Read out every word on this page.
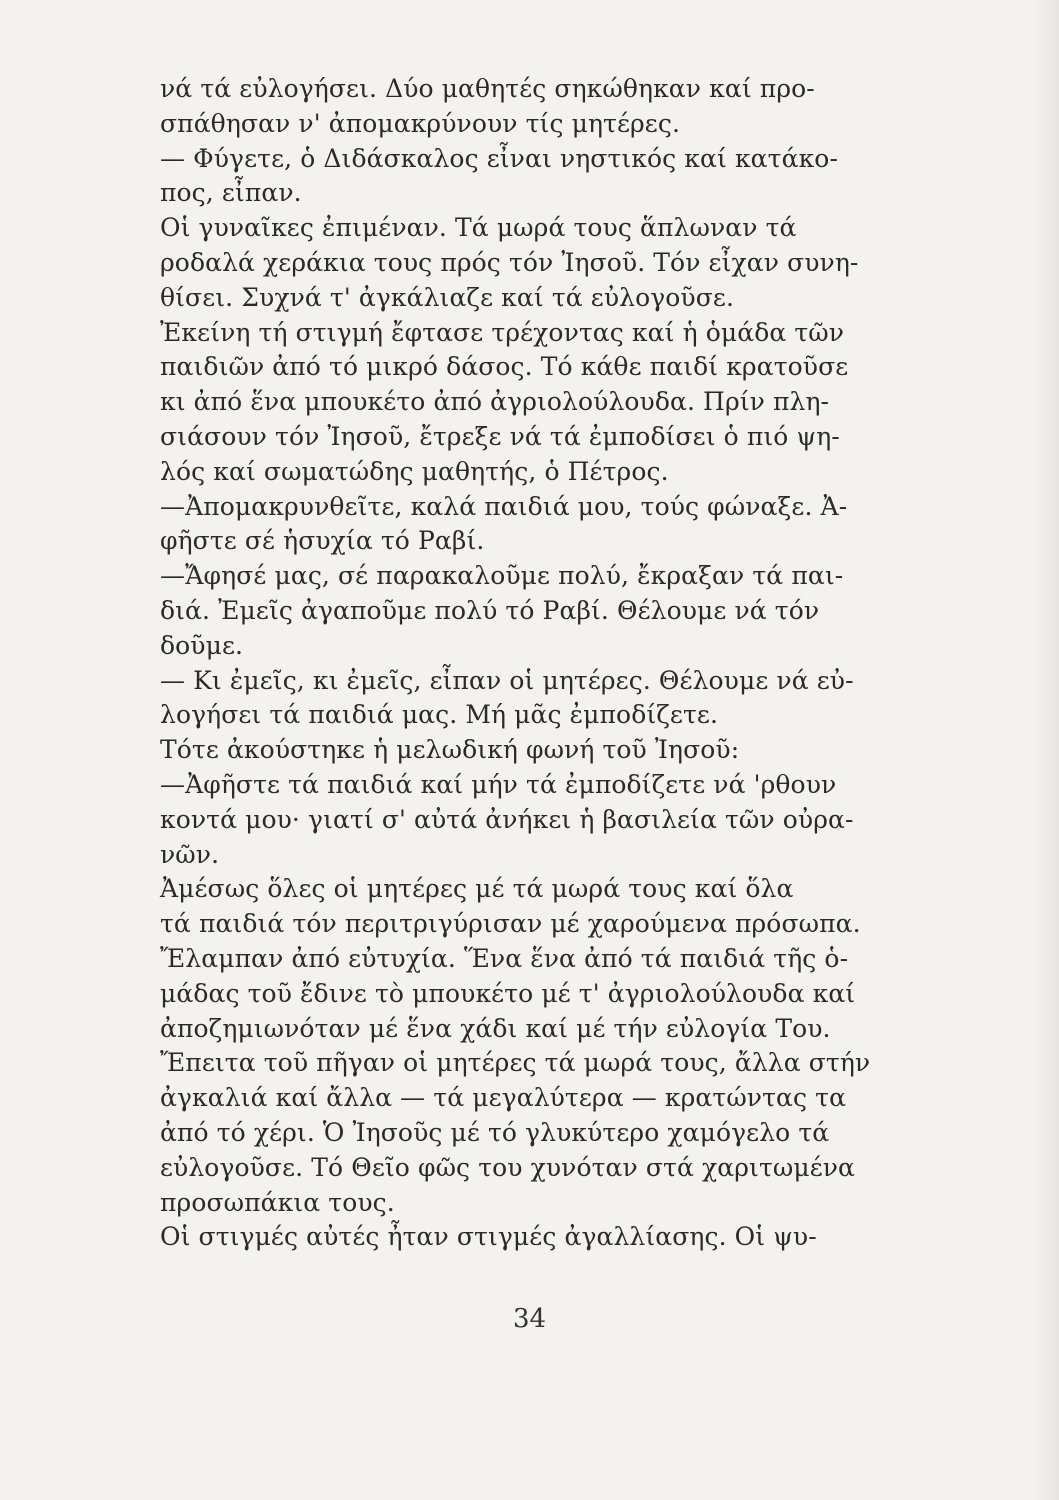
νά τά εὐλογήσει. Δύο μαθητές σηκώθηκαν καί προ-
σπάθησαν ν' ἀπομακρύνουν τίς μητέρες.
— Φύγετε, ὁ Διδάσκαλος εἶναι νηστικός καί κατάκο-
πος, εἶπαν.
Οἱ γυναῖκες ἐπιμέναν. Τά μωρά τους ἅπλωναν τά
ροδαλά χεράκια τους πρός τόν Ἰησοῦ. Τόν εἶχαν συνη-
θίσει. Συχνά τ' ἀγκάλιαζε καί τά εὐλογοῦσε.
Ἐκείνη τή στιγμή ἔφτασε τρέχοντας καί ἡ ὁμάδα τῶν
παιδιῶν ἀπό τό μικρό δάσος. Τό κάθε παιδί κρατοῦσε
κι ἀπό ἕνα μπουκέτο ἀπό ἀγριολούλουδα. Πρίν πλη-
σιάσουν τόν Ἰησοῦ, ἔτρεξε νά τά ἐμποδίσει ὁ πιό ψη-
λός καί σωματώδης μαθητής, ὁ Πέτρος.
—Ἀπομακρυνθεῖτε, καλά παιδιά μου, τούς φώναξε. Ἀ-
φῆστε σέ ἡσυχία τό Ραβί.
—Ἄφησέ μας, σέ παρακαλοῦμε πολύ, ἔκραξαν τά παι-
διά. Ἐμεῖς ἀγαποῦμε πολύ τό Ραβί. Θέλουμε νά τόν
δοῦμε.
— Κι ἐμεῖς, κι ἐμεῖς, εἶπαν οἱ μητέρες. Θέλουμε νά εὐ-
λογήσει τά παιδιά μας. Μή μᾶς ἐμποδίζετε.
Τότε ἀκούστηκε ἡ μελωδική φωνή τοῦ Ἰησοῦ:
—Ἀφῆστε τά παιδιά καί μήν τά ἐμποδίζετε νά 'ρθουν
κοντά μου· γιατί σ' αὐτά ἀνήκει ἡ βασιλεία τῶν οὐρα-
νῶν.
Ἀμέσως ὅλες οἱ μητέρες μέ τά μωρά τους καί ὅλα
τά παιδιά τόν περιτριγύρισαν μέ χαρούμενα πρόσωπα.
Ἔλαμπαν ἀπό εὐτυχία. Ἕνα ἕνα ἀπό τά παιδιά τῆς ὁ-
μάδας τοῦ ἔδινε τὸ μπουκέτο μέ τ' ἀγριολούλουδα καί
ἀποζημιωνόταν μέ ἕνα χάδι καί μέ τήν εὐλογία Του.
Ἔπειτα τοῦ πῆγαν οἱ μητέρες τά μωρά τους, ἄλλα στήν
ἀγκαλιά καί ἄλλα — τά μεγαλύτερα — κρατώντας τα
ἀπό τό χέρι. Ὁ Ἰησοῦς μέ τό γλυκύτερο χαμόγελο τά
εὐλογοῦσε. Τό Θεῖο φῶς του χυνόταν στά χαριτωμένα
προσωπάκια τους.
Οἱ στιγμές αὐτές ἦταν στιγμές ἀγαλλίασης. Οἱ ψυ-
34
